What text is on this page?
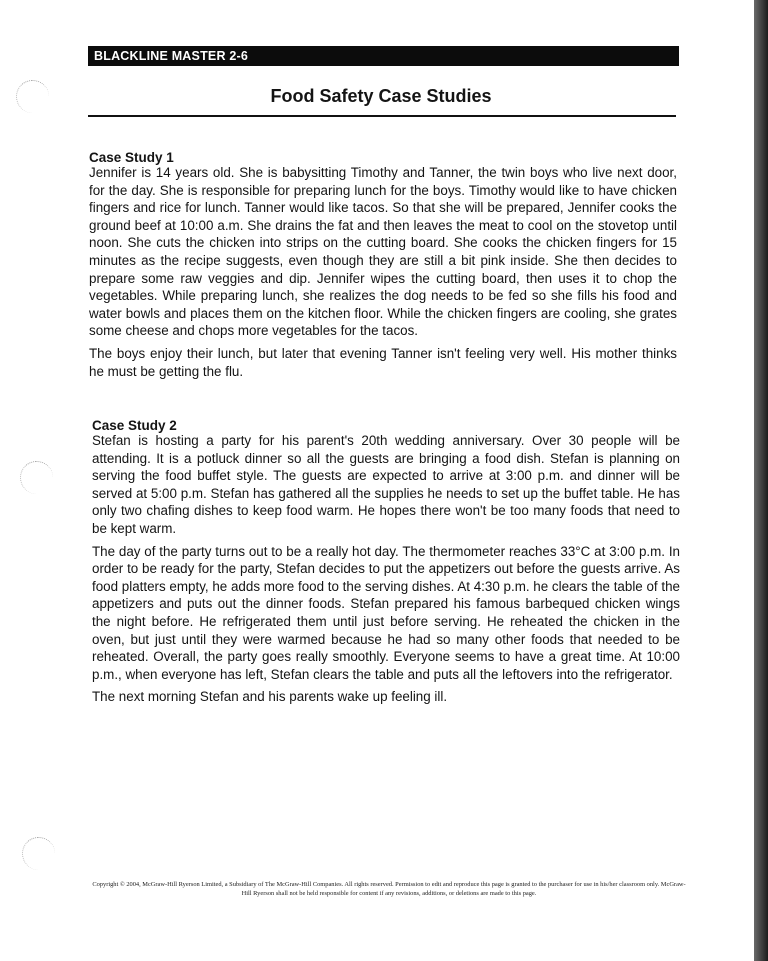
BLACKLINE MASTER 2-6
Food Safety Case Studies
Case Study 1

Jennifer is 14 years old. She is babysitting Timothy and Tanner, the twin boys who live next door, for the day. She is responsible for preparing lunch for the boys. Timothy would like to have chicken fingers and rice for lunch. Tanner would like tacos. So that she will be prepared, Jennifer cooks the ground beef at 10:00 a.m. She drains the fat and then leaves the meat to cool on the stovetop until noon. She cuts the chicken into strips on the cutting board. She cooks the chicken fingers for 15 minutes as the recipe suggests, even though they are still a bit pink inside. She then decides to prepare some raw veggies and dip. Jennifer wipes the cutting board, then uses it to chop the vegetables. While preparing lunch, she realizes the dog needs to be fed so she fills his food and water bowls and places them on the kitchen floor. While the chicken fingers are cooling, she grates some cheese and chops more vegetables for the tacos.

The boys enjoy their lunch, but later that evening Tanner isn't feeling very well. His mother thinks he must be getting the flu.

Case Study 2

Stefan is hosting a party for his parent's 20th wedding anniversary. Over 30 people will be attending. It is a potluck dinner so all the guests are bringing a food dish. Stefan is planning on serving the food buffet style. The guests are expected to arrive at 3:00 p.m. and dinner will be served at 5:00 p.m. Stefan has gathered all the supplies he needs to set up the buffet table. He has only two chafing dishes to keep food warm. He hopes there won't be too many foods that need to be kept warm.

The day of the party turns out to be a really hot day. The thermometer reaches 33°C at 3:00 p.m. In order to be ready for the party, Stefan decides to put the appetizers out before the guests arrive. As food platters empty, he adds more food to the serving dishes. At 4:30 p.m. he clears the table of the appetizers and puts out the dinner foods. Stefan prepared his famous barbequed chicken wings the night before. He refrigerated them until just before serving. He reheated the chicken in the oven, but just until they were warmed because he had so many other foods that needed to be reheated. Overall, the party goes really smoothly. Everyone seems to have a great time. At 10:00 p.m., when everyone has left, Stefan clears the table and puts all the leftovers into the refrigerator.

The next morning Stefan and his parents wake up feeling ill.

Copyright © 2004, McGraw-Hill Ryerson Limited, a Subsidiary of The McGraw-Hill Companies. All rights reserved. Permission to edit and reproduce this page is granted to the purchaser for use in his/her classroom only. McGraw-Hill Ryerson shall not be held responsible for content if any revisions, additions, or deletions are made to this page.
